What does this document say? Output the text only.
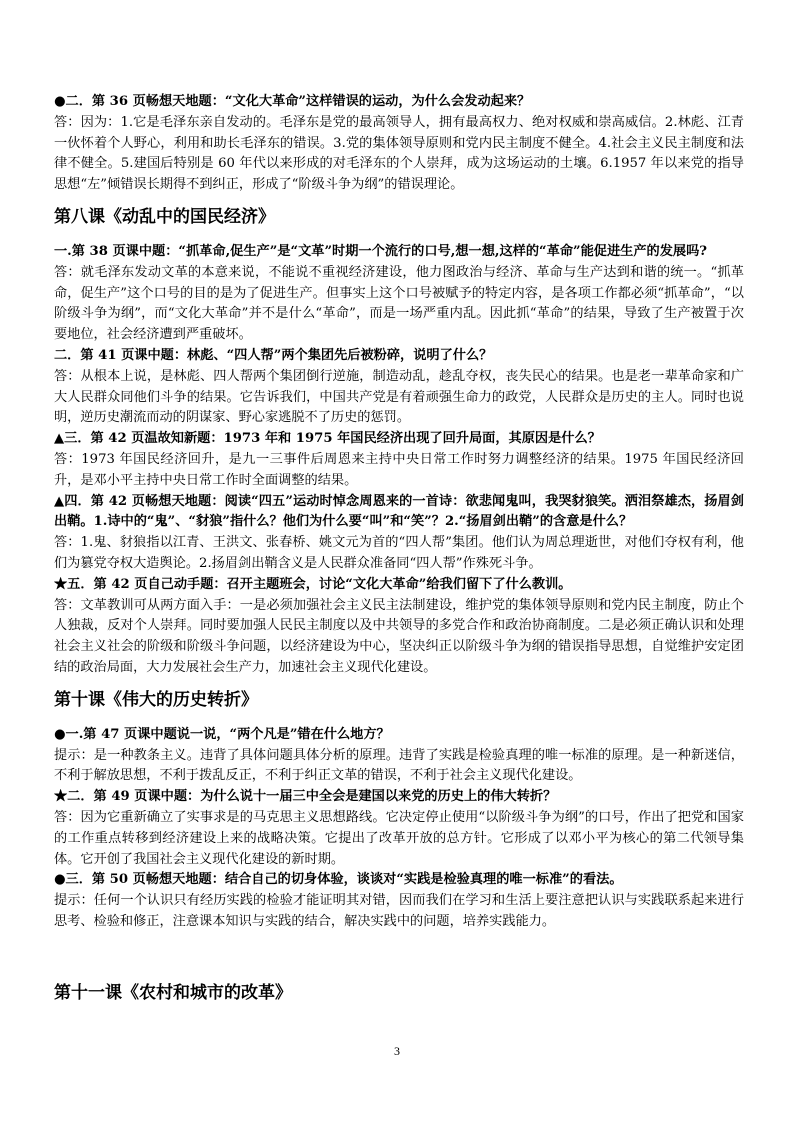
●二．第 36 页畅想天地题：“文化大革命”这样错误的运动，为什么会发动起来？

答：因为：1.它是毛泽东亲自发动的。毛泽东是党的最高领导人，拥有最高权力、绝对权威和崇高威信。2.林彪、江青一伙怀着个人野心，利用和助长毛泽东的错误。3.党的集体领导原则和党内民主制度不健全。4.社会主义民主制度和法律不健全。5.建国后特别是 60 年代以来形成的对毛泽东的个人崇拜，成为这场运动的土壤。6.1957 年以来党的指导思想“左”倾错误长期得不到纠正，形成了“阶级斗争为纲”的错误理论。

第八课《动乱中的国民经济》

一.第 38 页课中题：“抓革命,促生产”是“文革”时期一个流行的口号,想一想,这样的“革命”能促进生产的发展吗?

答：就毛泽东发动文革的本意来说，不能说不重视经济建设，他力图政治与经济、革命与生产达到和谐的统一。“抓革命，促生产”这个口号的目的是为了促进生产。但事实上这个口号被赋予的特定内容，是各项工作都必须“抓革命”，“以阶级斗争为纲”，而“文化大革命”并不是什么“革命”，而是一场严重内乱。因此抓“革命”的结果，导致了生产被置于次要地位，社会经济遭到严重破坏。

二．第 41 页课中题：林彪、“四人帮”两个集团先后被粉碎，说明了什么？

答：从根本上说，是林彪、四人帮两个集团倒行逆施，制造动乱，趁乱夺权，丧失民心的结果。也是老一辈革命家和广大人民群众同他们斗争的结果。它告诉我们，中国共产党是有着顽强生命力的政党，人民群众是历史的主人。同时也说明，逆历史潮流而动的阴谋家、野心家逃脱不了历史的惩罚。

▲三．第 42 页温故知新题：1973 年和 1975 年国民经济出现了回升局面，其原因是什么？

答：1973 年国民经济回升，是九一三事件后周恩来主持中央日常工作时努力调整经济的结果。1975 年国民经济回升，是邓小平主持中央日常工作时全面调整的结果。

▲四．第 42 页畅想天地题：阅读“四五”运动时悼念周恩来的一首诗：欲悲闻鬼叫，我哭豺狼笑。洒泪祭雄杰，扬眉剑出鞘。1.诗中的“鬼”、“豺狼”指什么？他们为什么要“叫”和“笑”？2.“扬眉剑出鞘”的含意是什么？

答：1.鬼、豺狼指以江青、王洪文、张春桥、姚文元为首的“四人帮”集团。他们认为周总理逝世，对他们夺权有利，他们为篡党夺权大造舆论。2.扬眉剑出鞘含义是人民群众准备同“四人帮”作殊死斗争。

★五．第 42 页自己动手题：召开主题班会，讨论“文化大革命”给我们留下了什么教训。

答：文革教训可从两方面入手：一是必须加强社会主义民主法制建设，维护党的集体领导原则和党内民主制度，防止个人独裁，反对个人崇拜。同时要加强人民民主制度以及中共领导的多党合作和政治协商制度。二是必须正确认识和处理社会主义社会的阶级和阶级斗争问题，以经济建设为中心，坚决纠正以阶级斗争为纲的错误指导思想，自觉维护安定团结的政治局面，大力发展社会生产力，加速社会主义现代化建设。

第十课《伟大的历史转折》

●一.第 47 页课中题说一说，“两个凡是”错在什么地方？

提示：是一种教条主义。违背了具体问题具体分析的原理。违背了实践是检验真理的唯一标准的原理。是一种新迷信，不利于解放思想，不利于拨乱反正，不利于纠正文革的错误，不利于社会主义现代化建设。

★二．第 49 页课中题：为什么说十一届三中全会是建国以来党的历史上的伟大转折？

答：因为它重新确立了实事求是的马克思主义思想路线。它决定停止使用“以阶级斗争为纲”的口号，作出了把党和国家的工作重点转移到经济建设上来的战略决策。它提出了改革开放的总方针。它形成了以邓小平为核心的第二代领导集体。它开创了我国社会主义现代化建设的新时期。

●三．第 50 页畅想天地题：结合自己的切身体验，谈谈对“实践是检验真理的唯一标准”的看法。

提示：任何一个认识只有经历实践的检验才能证明其对错，因而我们在学习和生活上要注意把认识与实践联系起来进行思考、检验和修正，注意课本知识与实践的结合，解决实践中的问题，培养实践能力。

第十一课《农村和城市的改革》
3
